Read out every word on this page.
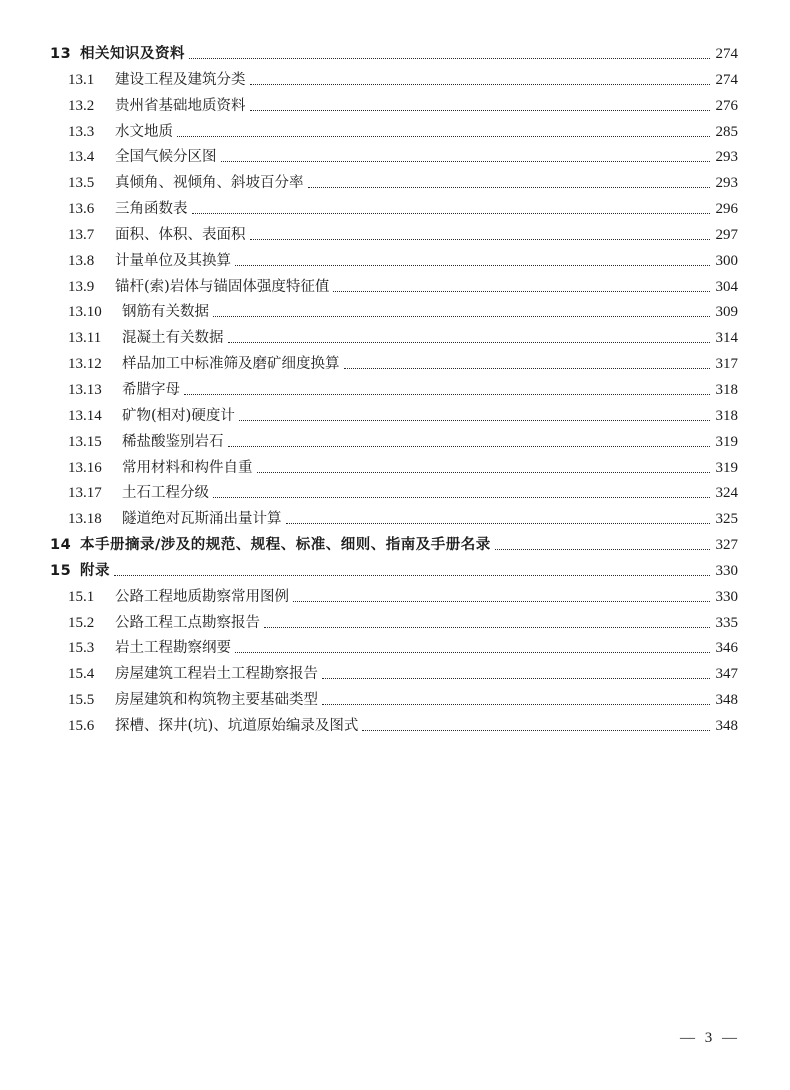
13 相关知识及资料	274
13.1 建设工程及建筑分类	274
13.2 贵州省基础地质资料	276
13.3 水文地质	285
13.4 全国气候分区图	293
13.5 真倾角、视倾角、斜坡百分率	293
13.6 三角函数表	296
13.7 面积、体积、表面积	297
13.8 计量单位及其换算	300
13.9 锚杆(索)岩体与锚固体强度特征值	304
13.10 钢筋有关数据	309
13.11 混凝土有关数据	314
13.12 样品加工中标准筛及磨矿细度换算	317
13.13 希腊字母	318
13.14 矿物(相对)硬度计	318
13.15 稀盐酸鉴别岩石	319
13.16 常用材料和构件自重	319
13.17 土石工程分级	324
13.18 隧道绝对瓦斯涌出量计算	325
14 本手册摘录/涉及的规范、规程、标准、细则、指南及手册名录	327
15 附录	330
15.1 公路工程地质勘察常用图例	330
15.2 公路工程工点勘察报告	335
15.3 岩土工程勘察纲要	346
15.4 房屋建筑工程岩土工程勘察报告	347
15.5 房屋建筑和构筑物主要基础类型	348
15.6 探槽、探井(坑)、坑道原始编录及图式	348
— 3 —
